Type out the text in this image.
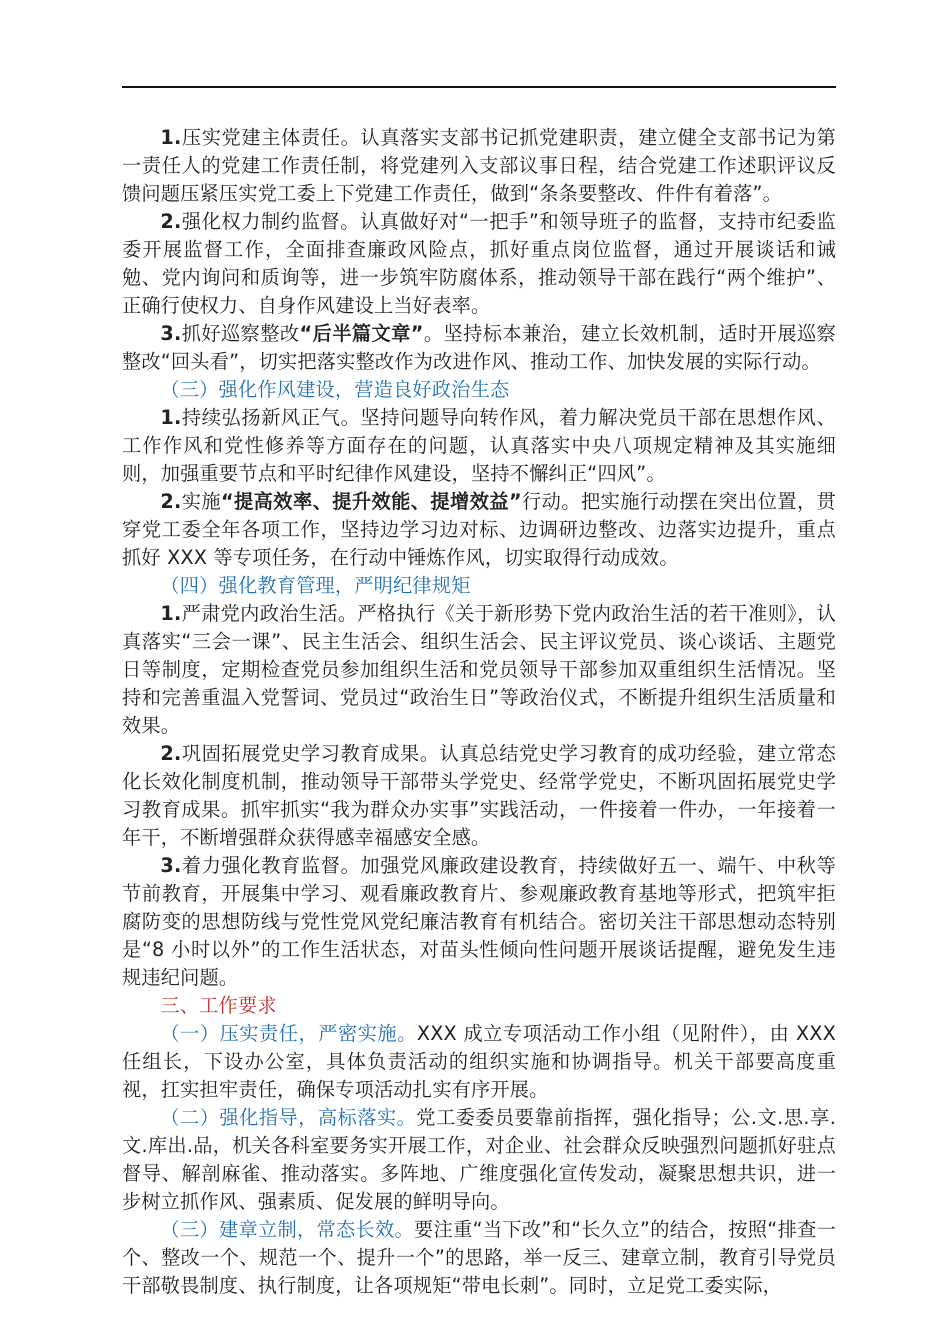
1.压实党建主体责任。认真落实支部书记抓党建职责，建立健全支部书记为第一责任人的党建工作责任制，将党建列入支部议事日程，结合党建工作述职评议反馈问题压紧压实党工委上下党建工作责任，做到“条条要整改、件件有着落”。

2.强化权力制约监督。认真做好对“一把手”和领导班子的监督，支持市纪委监委开展监督工作，全面排查廉政风险点，抓好重点岗位监督，通过开展谈话和诫勉、党内询问和质询等，进一步筑牢防腐体系，推动领导干部在践行“两个维护”、正确行使权力、自身作风建设上当好表率。

3.抓好巡察整改“后半篇文章”。坚持标本兼治，建立长效机制，适时开展巡察整改“回头看”，切实把落实整改作为改进作风、推动工作、加快发展的实际行动。

（三）强化作风建设，营造良好政治生态

1.持续弘扬新风正气。坚持问题导向转作风，着力解决党员干部在思想作风、工作作风和党性修养等方面存在的问题，认真落实中央八项规定精神及其实施细则，加强重要节点和平时纪律作风建设，坚持不懈纠正“四风”。

2.实施“提高效率、提升效能、提增效益”行动。把实施行动摆在突出位置，贯穿党工委全年各项工作，坚持边学习边对标、边调研边整改、边落实边提升，重点抓好 XXX 等专项任务，在行动中锤炼作风，切实取得行动成效。

（四）强化教育管理，严明纪律规矩

1.严肃党内政治生活。严格执行《关于新形势下党内政治生活的若干准则》，认真落实“三会一课”、民主生活会、组织生活会、民主评议党员、谈心谈话、主题党日等制度，定期检查党员参加组织生活和党员领导干部参加双重组织生活情况。坚持和完善重温入党誓词、党员过“政治生日”等政治仪式，不断提升组织生活质量和效果。

2.巩固拓展党史学习教育成果。认真总结党史学习教育的成功经验，建立常态化长效化制度机制，推动领导干部带头学党史、经常学党史，不断巩固拓展党史学习教育成果。抓牢抓实“我为群众办实事”实践活动，一件接着一件办，一年接着一年干，不断增强群众获得感幸福感安全感。

3.着力强化教育监督。加强党风廉政建设教育，持续做好五一、端午、中秋等节前教育，开展集中学习、观看廉政教育片、参观廉政教育基地等形式，把筑牢拒腐防变的思想防线与党性党风党纪廉洁教育有机结合。密切关注干部思想动态特别是“8 小时以外”的工作生活状态，对苗头性倾向性问题开展谈话提醒，避免发生违规违纪问题。

三、工作要求

（一）压实责任，严密实施。XXX 成立专项活动工作小组（见附件），由 XXX 任组长，下设办公室，具体负责活动的组织实施和协调指导。机关干部要高度重视，扛实担牢责任，确保专项活动扎实有序开展。

（二）强化指导，高标落实。党工委委员要靠前指挥，强化指导；公.文.思.享.文.库出.品，机关各科室要务实开展工作，对企业、社会群众反映强烈问题抓好驻点督导、解剖麻雀、推动落实。多阵地、广维度强化宣传发动，凝聚思想共识，进一步树立抓作风、强素质、促发展的鲜明导向。

（三）建章立制，常态长效。要注重“当下改”和“长久立”的结合，按照“排查一个、整改一个、规范一个、提升一个”的思路，举一反三、建章立制，教育引导党员干部敬畏制度、执行制度，让各项规矩“带电长刺”。同时，立足党工委实际，
